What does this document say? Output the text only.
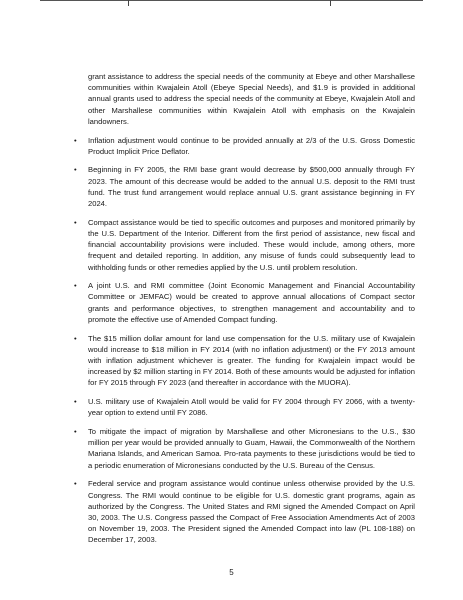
grant assistance to address the special needs of the community at Ebeye and other Marshallese communities within Kwajalein Atoll (Ebeye Special Needs), and $1.9 is provided in additional annual grants used to address the special needs of the community at Ebeye, Kwajalein Atoll and other Marshallese communities within Kwajalein Atoll with emphasis on the Kwajalein landowners.

• Inflation adjustment would continue to be provided annually at 2/3 of the U.S. Gross Domestic Product Implicit Price Deflator.
• Beginning in FY 2005, the RMI base grant would decrease by $500,000 annually through FY 2023. The amount of this decrease would be added to the annual U.S. deposit to the RMI trust fund. The trust fund arrangement would replace annual U.S. grant assistance beginning in FY 2024.
• Compact assistance would be tied to specific outcomes and purposes and monitored primarily by the U.S. Department of the Interior. Different from the first period of assistance, new fiscal and financial accountability provisions were included. These would include, among others, more frequent and detailed reporting. In addition, any misuse of funds could subsequently lead to withholding funds or other remedies applied by the U.S. until problem resolution.
• A joint U.S. and RMI committee (Joint Economic Management and Financial Accountability Committee or JEMFAC) would be created to approve annual allocations of Compact sector grants and performance objectives, to strengthen management and accountability and to promote the effective use of Amended Compact funding.
• The $15 million dollar amount for land use compensation for the U.S. military use of Kwajalein would increase to $18 million in FY 2014 (with no inflation adjustment) or the FY 2013 amount with inflation adjustment whichever is greater. The funding for Kwajalein impact would be increased by $2 million starting in FY 2014. Both of these amounts would be adjusted for inflation for FY 2015 through FY 2023 (and thereafter in accordance with the MUORA).
• U.S. military use of Kwajalein Atoll would be valid for FY 2004 through FY 2066, with a twenty-year option to extend until FY 2086.
• To mitigate the impact of migration by Marshallese and other Micronesians to the U.S., $30 million per year would be provided annually to Guam, Hawaii, the Commonwealth of the Northern Mariana Islands, and American Samoa. Pro-rata payments to these jurisdictions would be tied to a periodic enumeration of Micronesians conducted by the U.S. Bureau of the Census.
• Federal service and program assistance would continue unless otherwise provided by the U.S. Congress. The RMI would continue to be eligible for U.S. domestic grant programs, again as authorized by the Congress. The United States and RMI signed the Amended Compact on April 30, 2003. The U.S. Congress passed the Compact of Free Association Amendments Act of 2003 on November 19, 2003. The President signed the Amended Compact into law (PL 108-188) on December 17, 2003.
5
